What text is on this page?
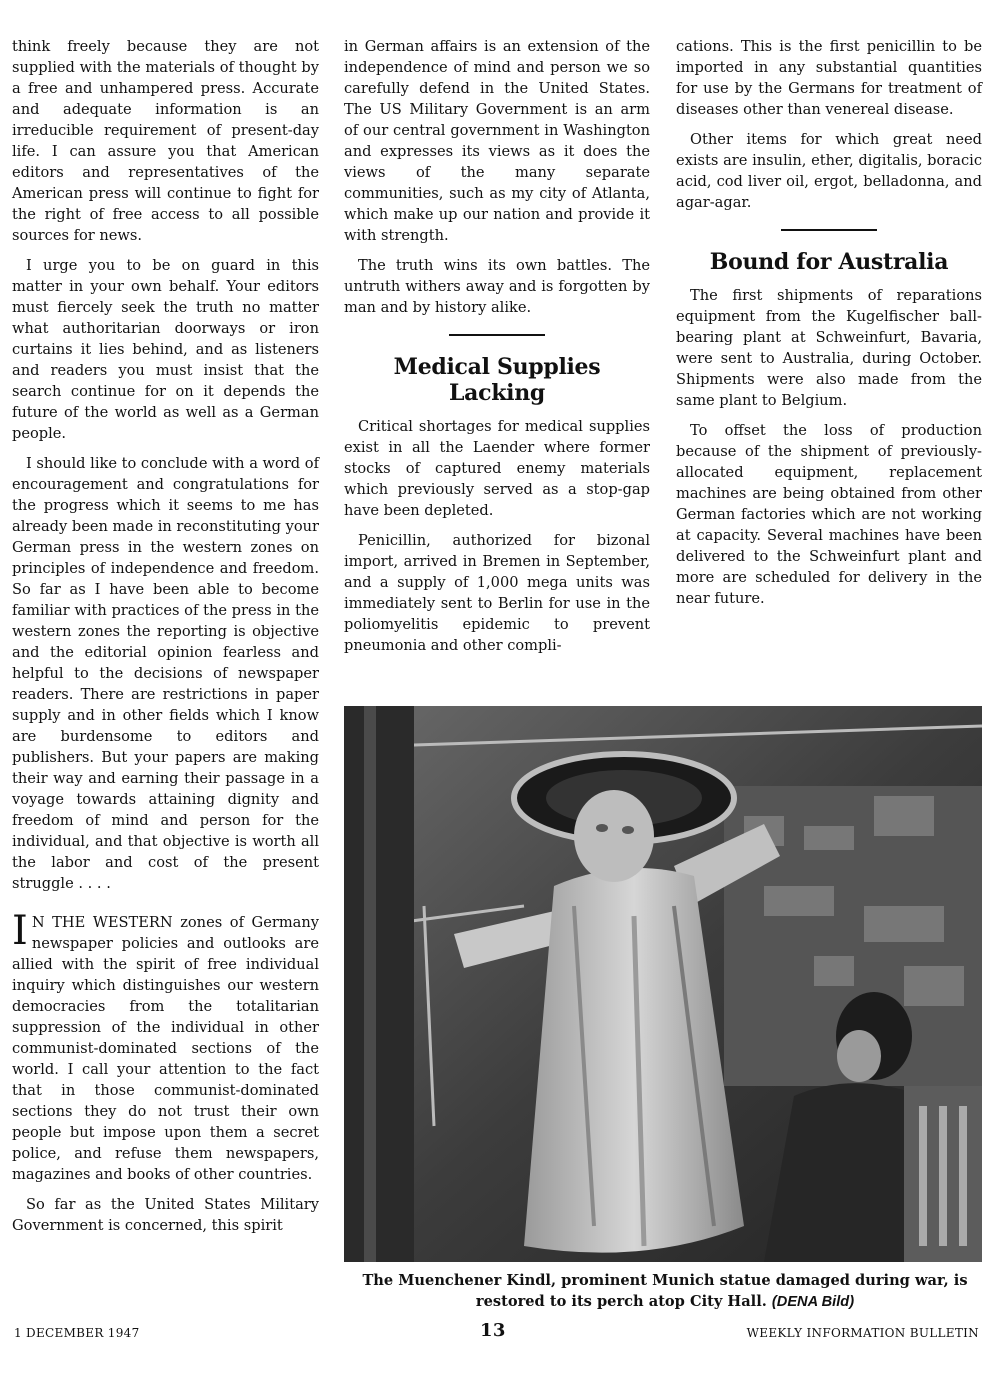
think freely because they are not supplied with the materials of thought by a free and unhampered press. Accurate and adequate information is an irreducible requirement of present-day life. I can assure you that American editors and representatives of the American press will continue to fight for the right of free access to all possible sources for news.

I urge you to be on guard in this matter in your own behalf. Your editors must fiercely seek the truth no matter what authoritarian doorways or iron curtains it lies behind, and as listeners and readers you must insist that the search continue for on it depends the future of the world as well as a German people.

I should like to conclude with a word of encouragement and congratulations for the progress which it seems to me has already been made in reconstituting your German press in the western zones on principles of independence and freedom. So far as I have been able to become familiar with practices of the press in the western zones the reporting is objective and the editorial opinion fearless and helpful to the decisions of newspaper readers. There are restrictions in paper supply and in other fields which I know are burdensome to editors and publishers. But your papers are making their way and earning their passage in a voyage towards attaining dignity and freedom of mind and person for the individual, and that objective is worth all the labor and cost of the present struggle . . . .

I N THE WESTERN zones of Germany newspaper policies and outlooks are allied with the spirit of free individual inquiry which distinguishes our western democracies from the totalitarian suppression of the individual in other communist-dominated sections of the world. I call your attention to the fact that in those communist-dominated sections they do not trust their own people but impose upon them a secret police, and refuse them newspapers, magazines and books of other countries.

So far as the United States Military Government is concerned, this spirit

in German affairs is an extension of the independence of mind and person we so carefully defend in the United States. The US Military Government is an arm of our central government in Washington and expresses its views as it does the views of the many separate communities, such as my city of Atlanta, which make up our nation and provide it with strength.

The truth wins its own battles. The untruth withers away and is forgotten by man and by history alike.

Medical Supplies Lacking

Critical shortages for medical supplies exist in all the Laender where former stocks of captured enemy materials which previously served as a stop-gap have been depleted.

Penicillin, authorized for bizonal import, arrived in Bremen in September, and a supply of 1,000 mega units was immediately sent to Berlin for use in the poliomyelitis epidemic to prevent pneumonia and other compli-

cations. This is the first penicillin to be imported in any substantial quantities for use by the Germans for treatment of diseases other than venereal disease.

Other items for which great need exists are insulin, ether, digitalis, boracic acid, cod liver oil, ergot, belladonna, and agar-agar.

Bound for Australia

The first shipments of reparations equipment from the Kugelfischer ball-bearing plant at Schweinfurt, Bavaria, were sent to Australia, during October. Shipments were also made from the same plant to Belgium.

To offset the loss of production because of the shipment of previously-allocated equipment, replacement machines are being obtained from other German factories which are not working at capacity. Several machines have been delivered to the Schweinfurt plant and more are scheduled for delivery in the near future.

The Muenchener Kindl, prominent Munich statue damaged during war, is restored to its perch atop City Hall. (DENA Bild)
1 DECEMBER 1947	13	WEEKLY INFORMATION BULLETIN
